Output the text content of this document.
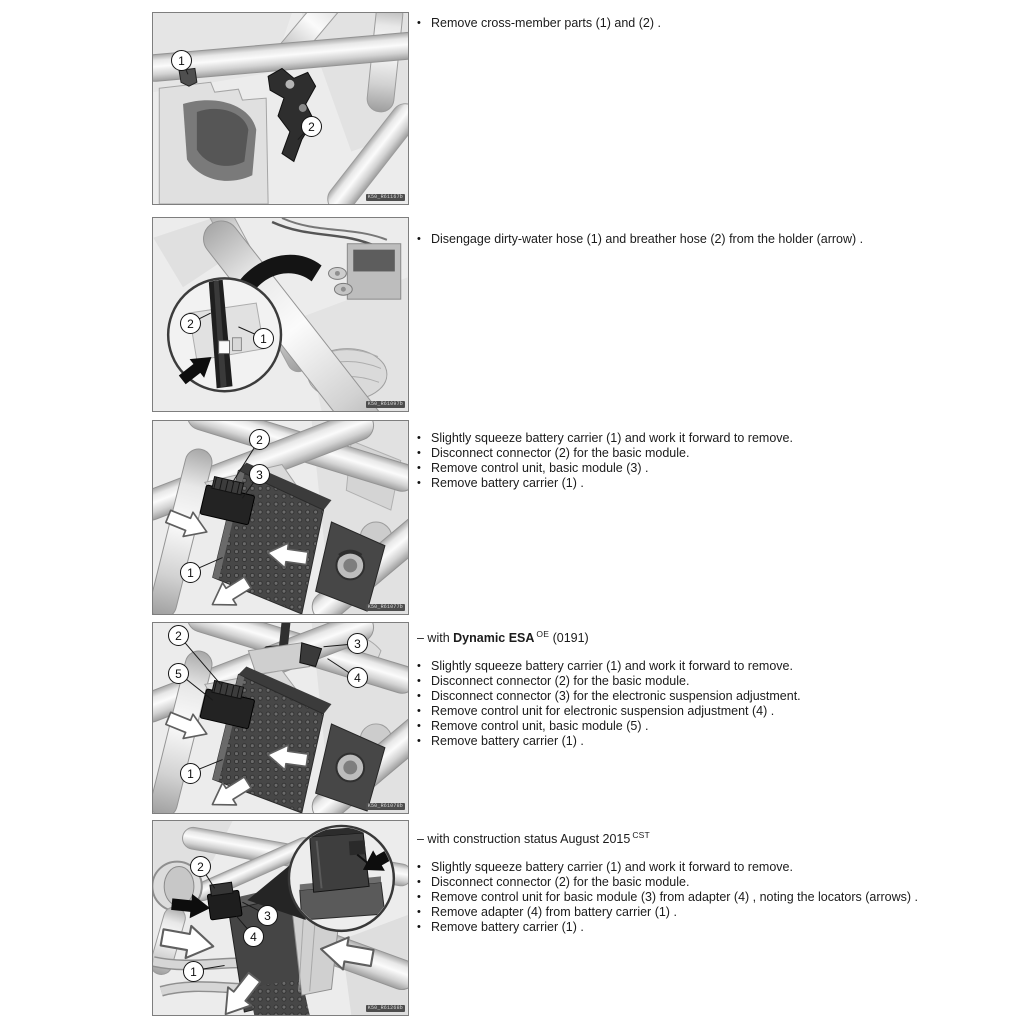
1
2
K50_R61167b
• Remove cross-member parts (1) and (2) .
2
1
K50_R61097b
• Disengage dirty-water hose (1) and breather hose (2) from the holder (arrow) .
2
3
1
K50_R61077b
• Slightly squeeze battery carrier (1) and work it forward to remove.
• Disconnect connector (2) for the basic module.
• Remove control unit, basic module (3) .
• Remove battery carrier (1) .
2
3
5	4
1
K50_R61078b
– with Dynamic ESA $^{OE}$ (0191)
• Slightly squeeze battery carrier (1) and work it forward to remove.
• Disconnect connector (2) for the basic module.
• Disconnect connector (3) for the electronic suspension adjustment.
• Remove control unit for electronic suspension adjustment (4) .
• Remove control unit, basic module (5) .
• Remove battery carrier (1) .
2
3
4
1
K50_R61268b
– with construction status August 2015 $^{CST}$
• Slightly squeeze battery carrier (1) and work it forward to remove.
• Disconnect connector (2) for the basic module.
• Remove control unit for basic module (3) from adapter (4) , noting the locators (arrows) .
• Remove adapter (4) from battery carrier (1) .
• Remove battery carrier (1) .
